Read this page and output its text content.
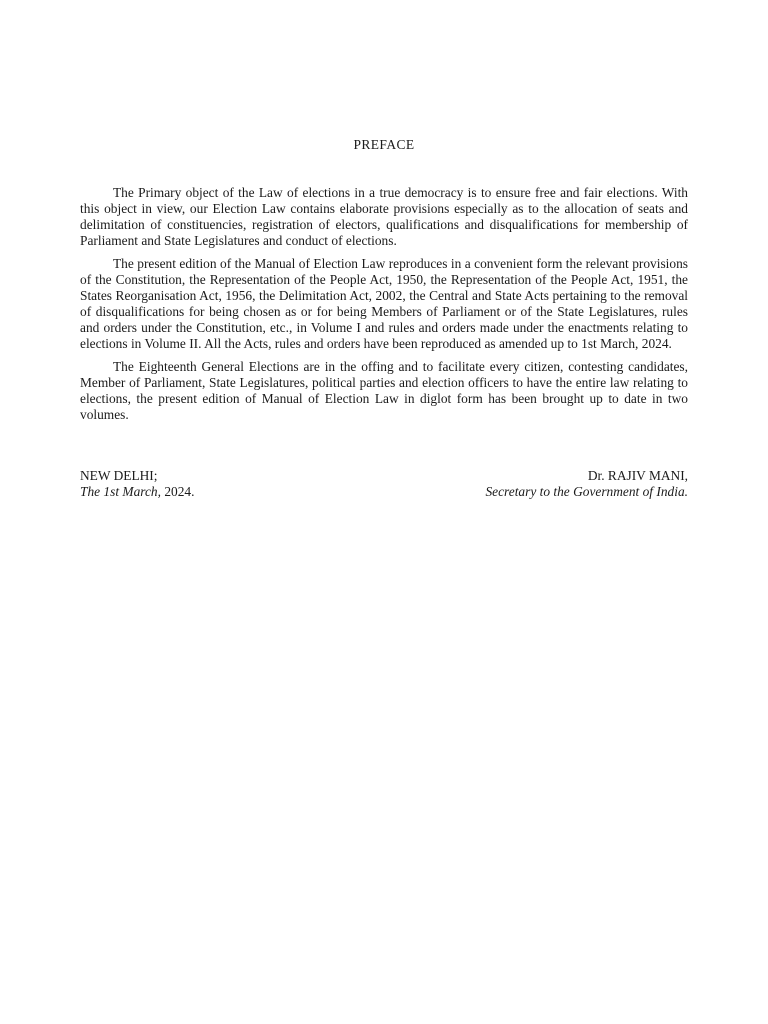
PREFACE

The Primary object of the Law of elections in a true democracy is to ensure free and fair elections. With this object in view, our Election Law contains elaborate provisions especially as to the allocation of seats and delimitation of constituencies, registration of electors, qualifications and disqualifications for membership of Parliament and State Legislatures and conduct of elections.

The present edition of the Manual of Election Law reproduces in a convenient form the relevant provisions of the Constitution, the Representation of the People Act, 1950, the Representation of the People Act, 1951, the States Reorganisation Act, 1956, the Delimitation Act, 2002, the Central and State Acts pertaining to the removal of disqualifications for being chosen as or for being Members of Parliament or of the State Legislatures, rules and orders under the Constitution, etc., in Volume I and rules and orders made under the enactments relating to elections in Volume II. All the Acts, rules and orders have been reproduced as amended up to 1st March, 2024.

The Eighteenth General Elections are in the offing and to facilitate every citizen, contesting candidates, Member of Parliament, State Legislatures, political parties and election officers to have the entire law relating to elections, the present edition of Manual of Election Law in diglot form has been brought up to date in two volumes.

NEW DELHI;
The 1st March, 2024.
Dr. RAJIV MANI,
Secretary to the Government of India.
